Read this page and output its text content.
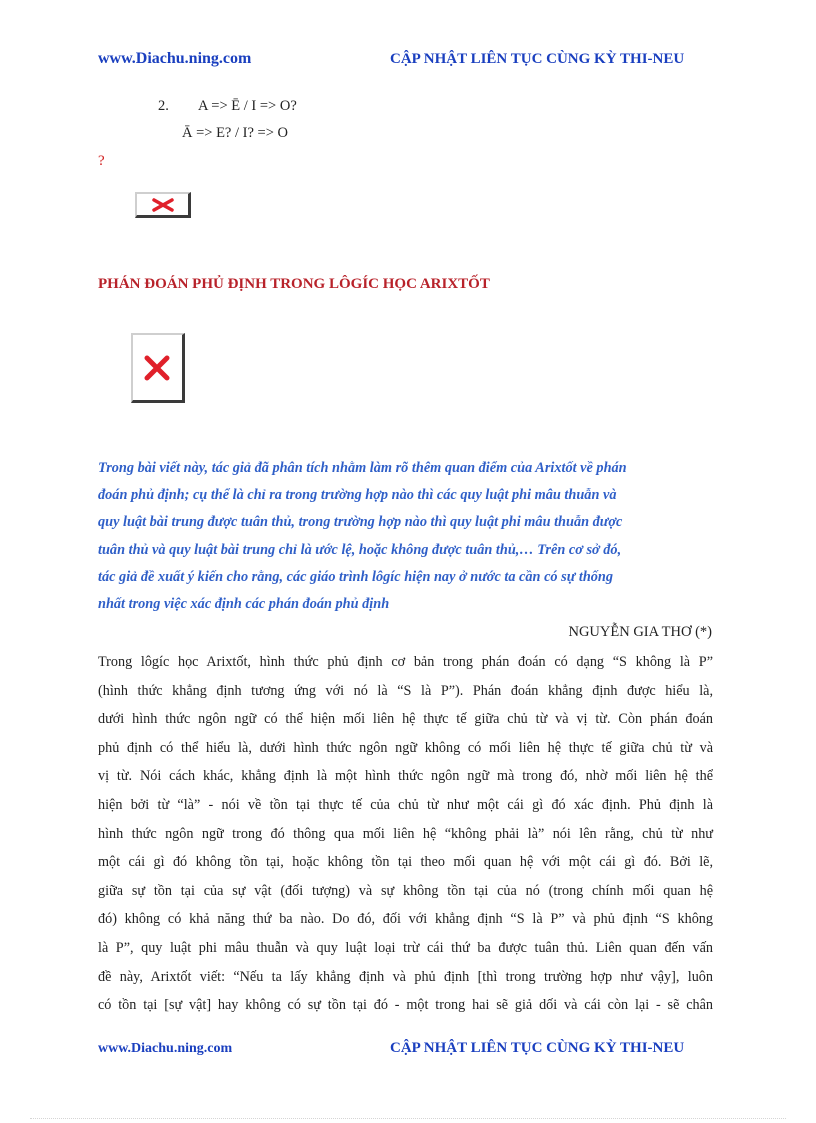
www.Diachu.ning.com	CẬP NHẬT LIÊN TỤC CÙNG KỲ THI-NEU
2. A => Ē / I => O?
Ā => E? / I? => O
?
PHÁN ĐOÁN PHỦ ĐỊNH TRONG LÔGÍC HỌC ARIXTỐT
Trong bài viết này, tác giả đã phân tích nhằm làm rõ thêm quan điểm của Arixtốt về phán
đoán phủ định; cụ thể là chỉ ra trong trường hợp nào thì các quy luật phi mâu thuẫn và
quy luật bài trung được tuân thủ, trong trường hợp nào thì quy luật phi mâu thuẫn được
tuân thủ và quy luật bài trung chỉ là ước lệ, hoặc không được tuân thủ,… Trên cơ sở đó,
tác giả đề xuất ý kiến cho rằng, các giáo trình lôgíc hiện nay ở nước ta cần có sự thống
nhất trong việc xác định các phán đoán phủ định
NGUYỄN GIA THƠ (*)
Trong lôgíc học Arixtốt, hình thức phủ định cơ bản trong phán đoán có dạng “S không là P”
(hình thức khẳng định tương ứng với nó là “S là P”). Phán đoán khẳng định được hiểu là,
dưới hình thức ngôn ngữ có thể hiện mối liên hệ thực tế giữa chủ từ và vị từ. Còn phán đoán
phủ định có thể hiểu là, dưới hình thức ngôn ngữ không có mối liên hệ thực tế giữa chủ từ và
vị từ. Nói cách khác, khẳng định là một hình thức ngôn ngữ mà trong đó, nhờ mối liên hệ thể
hiện bởi từ “là” - nói về tồn tại thực tế của chủ từ như một cái gì đó xác định. Phủ định là
hình thức ngôn ngữ trong đó thông qua mối liên hệ “không phải là” nói lên rằng, chủ từ như
một cái gì đó không tồn tại, hoặc không tồn tại theo mối quan hệ với một cái gì đó. Bởi lẽ,
giữa sự tồn tại của sự vật (đối tượng) và sự không tồn tại của nó (trong chính mối quan hệ
đó) không có khả năng thứ ba nào. Do đó, đối với khẳng định “S là P” và phủ định “S không
là P”, quy luật phi mâu thuẫn và quy luật loại trừ cái thứ ba được tuân thủ. Liên quan đến vấn
đề này, Arixtốt viết: “Nếu ta lấy khẳng định và phủ định [thì trong trường hợp như vậy], luôn
có tồn tại [sự vật] hay không có sự tồn tại đó - một trong hai sẽ giả dối và cái còn lại - sẽ chân
www.Diachu.ning.com	CẬP NHẬT LIÊN TỤC CÙNG KỲ THI-NEU
